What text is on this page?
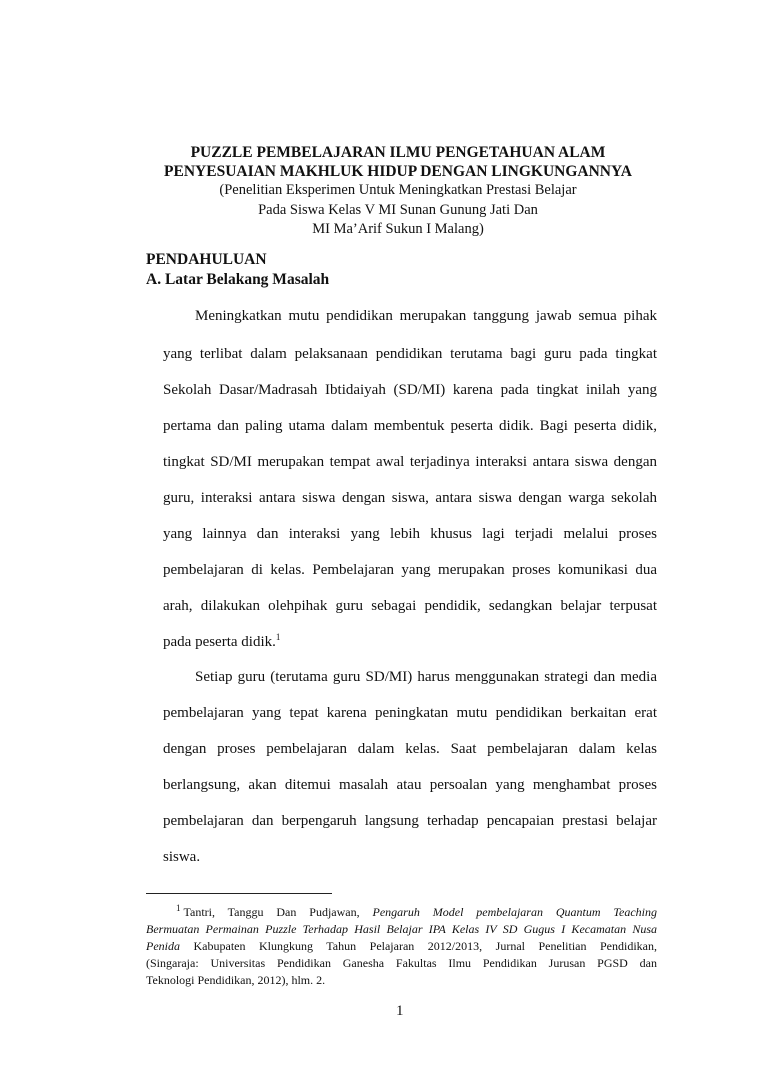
PUZZLE PEMBELAJARAN ILMU PENGETAHUAN ALAM
PENYESUAIAN MAKHLUK HIDUP DENGAN LINGKUNGANNYA
(Penelitian Eksperimen Untuk Meningkatkan Prestasi Belajar
Pada Siswa Kelas V MI Sunan Gunung Jati Dan
MI Ma’Arif Sukun I Malang)
PENDAHULUAN
A. Latar Belakang Masalah
Meningkatkan mutu pendidikan merupakan tanggung jawab semua pihak
yang terlibat dalam pelaksanaan pendidikan terutama bagi guru pada tingkat
Sekolah Dasar/Madrasah Ibtidaiyah (SD/MI) karena pada tingkat inilah yang
pertama dan paling utama dalam membentuk peserta didik. Bagi peserta didik,
tingkat SD/MI merupakan tempat awal terjadinya interaksi antara siswa dengan
guru, interaksi antara siswa dengan siswa, antara siswa dengan warga sekolah
yang lainnya dan interaksi yang lebih khusus lagi terjadi melalui proses
pembelajaran di kelas. Pembelajaran yang merupakan proses komunikasi dua
arah, dilakukan olehpihak guru sebagai pendidik, sedangkan belajar terpusat
pada peserta didik.$^1$
Setiap guru (terutama guru SD/MI) harus menggunakan strategi dan media
pembelajaran yang tepat karena peningkatan mutu pendidikan berkaitan erat
dengan proses pembelajaran dalam kelas. Saat pembelajaran dalam kelas
berlangsung, akan ditemui masalah atau persoalan yang menghambat proses
pembelajaran dan berpengaruh langsung terhadap pencapaian prestasi belajar
siswa.
$^1$ Tantri, Tanggu Dan Pudjawan, Pengaruh Model pembelajaran Quantum Teaching
Bermuatan Permainan Puzzle Terhadap Hasil Belajar IPA Kelas IV SD Gugus I Kecamatan Nusa
Penida Kabupaten Klungkung Tahun Pelajaran 2012/2013, Jurnal Penelitian Pendidikan,
(Singaraja: Universitas Pendidikan Ganesha Fakultas Ilmu Pendidikan Jurusan PGSD dan
Teknologi Pendidikan, 2012), hlm. 2.
1
